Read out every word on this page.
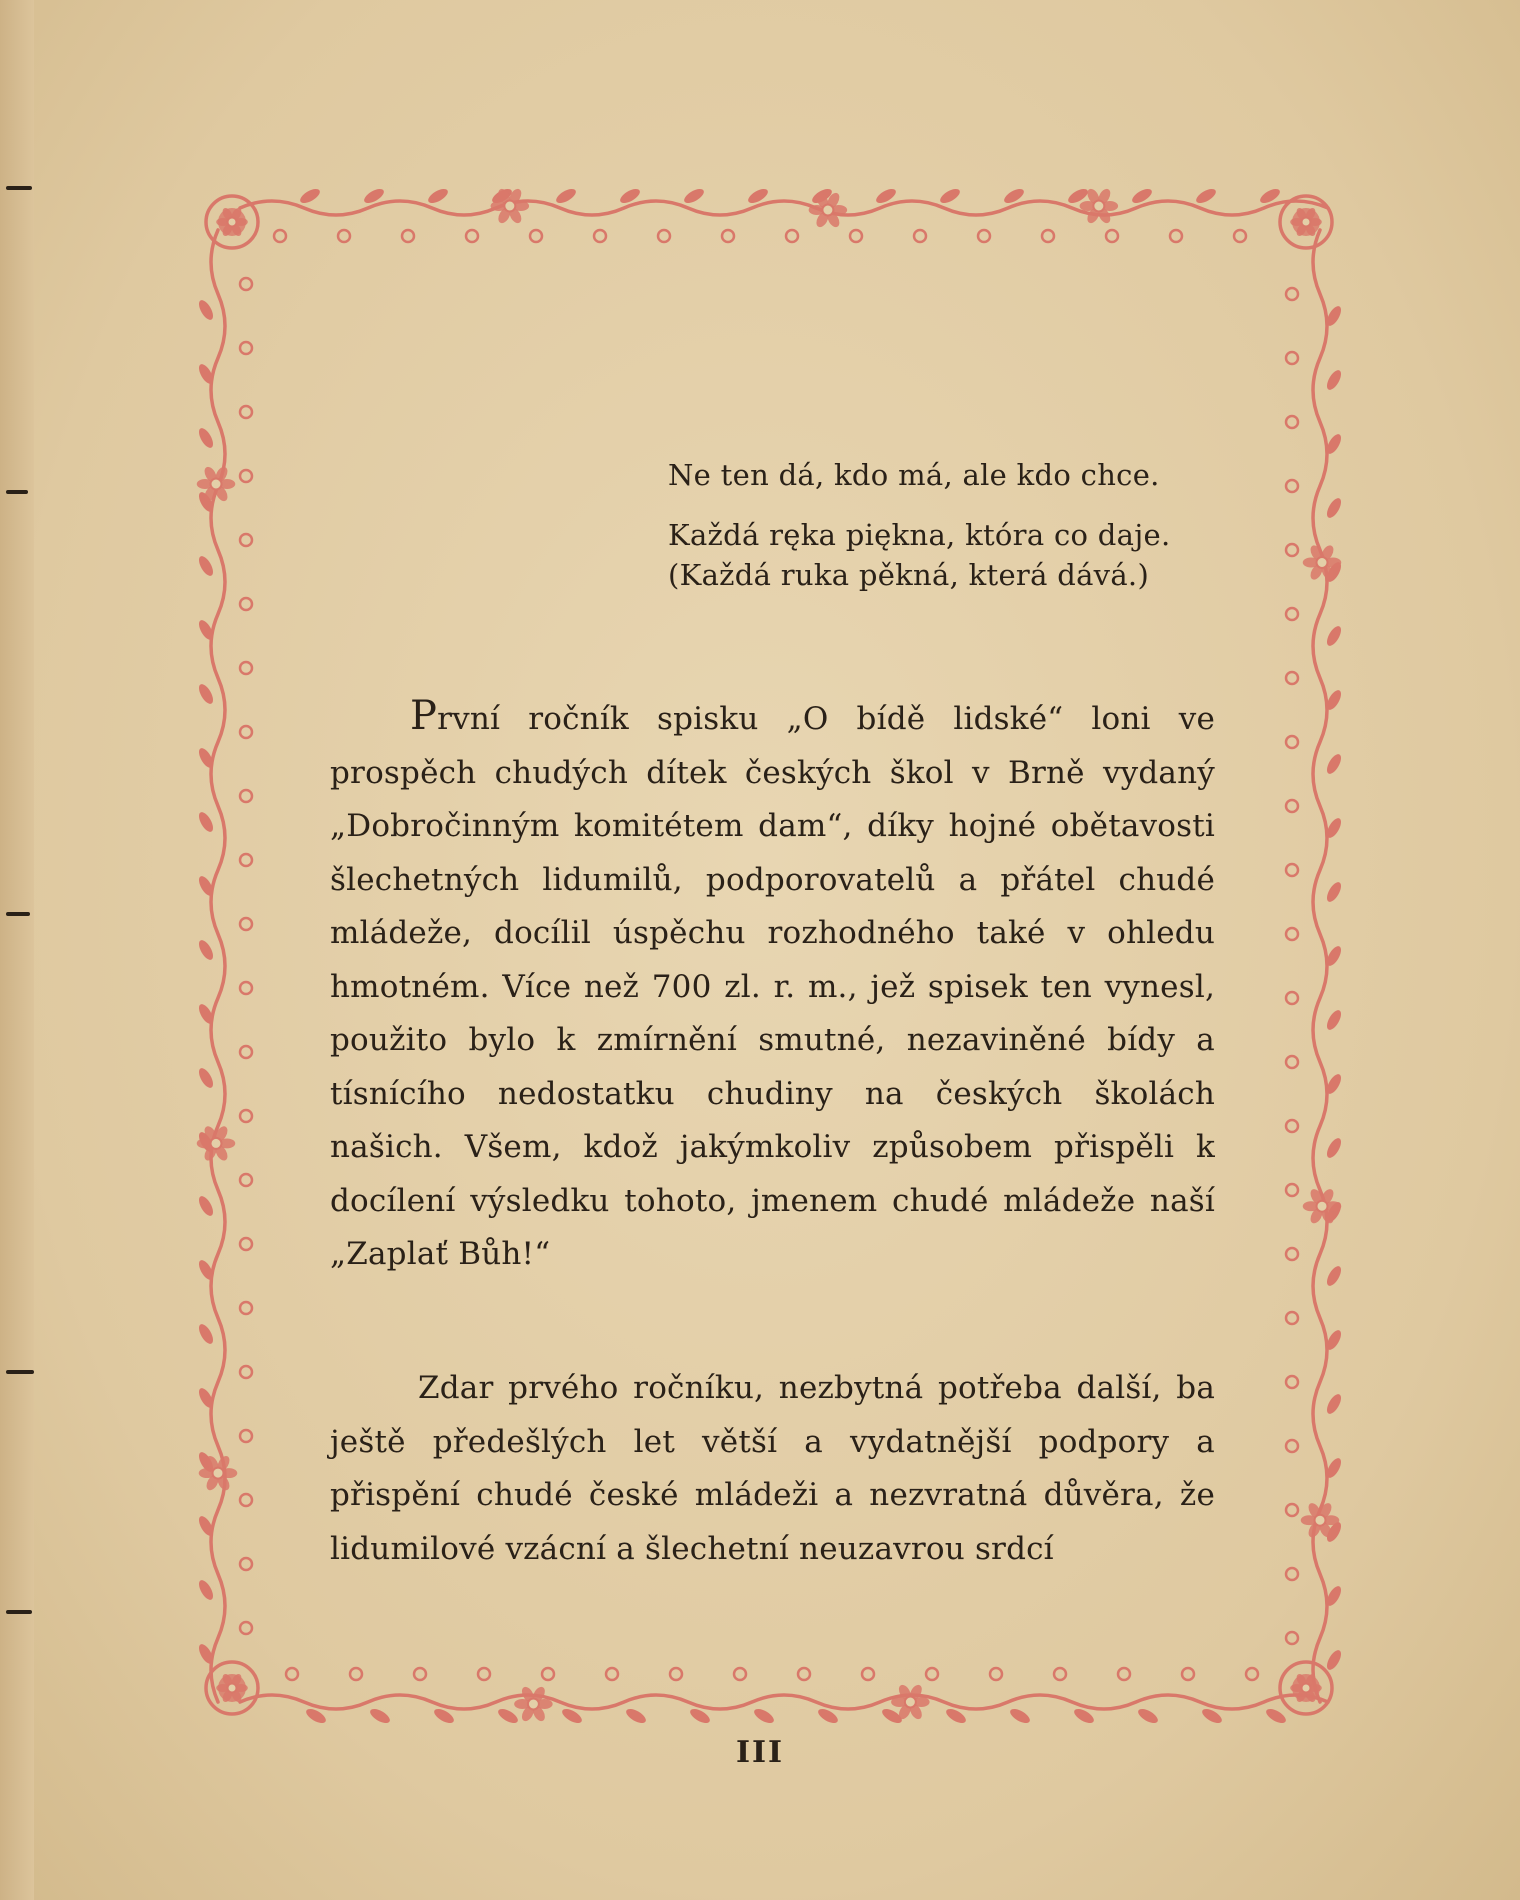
Ne ten dá, kdo má, ale kdo chce.

Každá ręka piękna, która co daje.

(Každá ruka pěkná, která dává.)

První ročník spisku „O bídě lidské“ loni ve prospěch chudých dítek českých škol v Brně vydaný „Dobročinným komitétem dam“, díky hojné obětavosti šlechetných lidumilů, podporovatelů a přátel chudé mládeže, docílil úspěchu rozhodného také v ohledu hmotném. Více než 700 zl. r. m., jež spisek ten vynesl, použito bylo k zmírnění smutné, nezaviněné bídy a tísnícího nedostatku chudiny na českých školách našich. Všem, kdož jakýmkoliv způsobem přispěli k docílení výsledku tohoto, jmenem chudé mládeže naší „Zaplať Bůh!“
Zdar prvého ročníku, nezbytná potřeba další, ba ještě předešlých let větší a vydatnější podpory a přispění chudé české mládeži a nezvratná důvěra, že lidumilové vzácní a šlechetní neuzavrou srdcí
III
